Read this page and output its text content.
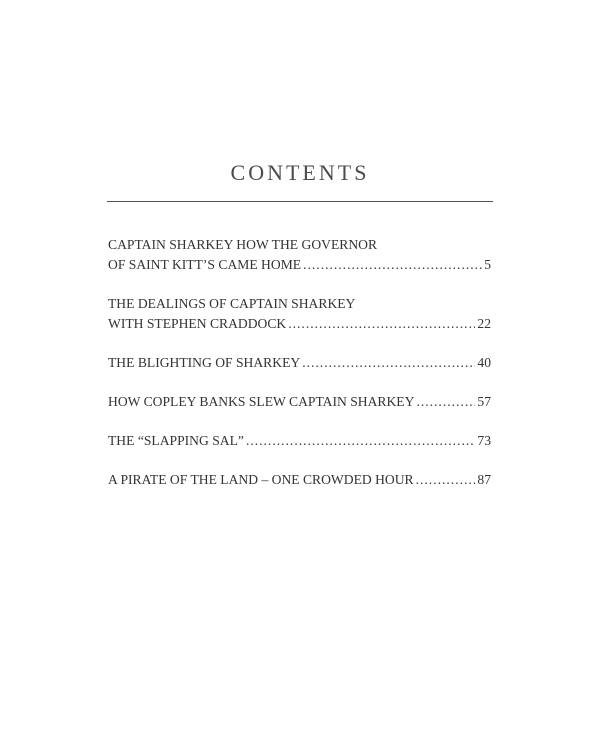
CONTENTS
CAPTAIN SHARKEY HOW THE GOVERNOR
OF SAINT KITT’S CAME HOME .....	5
THE DEALINGS OF CAPTAIN SHARKEY
WITH STEPHEN CRADDOCK .....	22
THE BLIGHTING OF SHARKEY .....	40
HOW COPLEY BANKS SLEW CAPTAIN SHARKEY .....	57
THE “SLAPPING SAL” .....	73
A PIRATE OF THE LAND – ONE CROWDED HOUR .....	87
